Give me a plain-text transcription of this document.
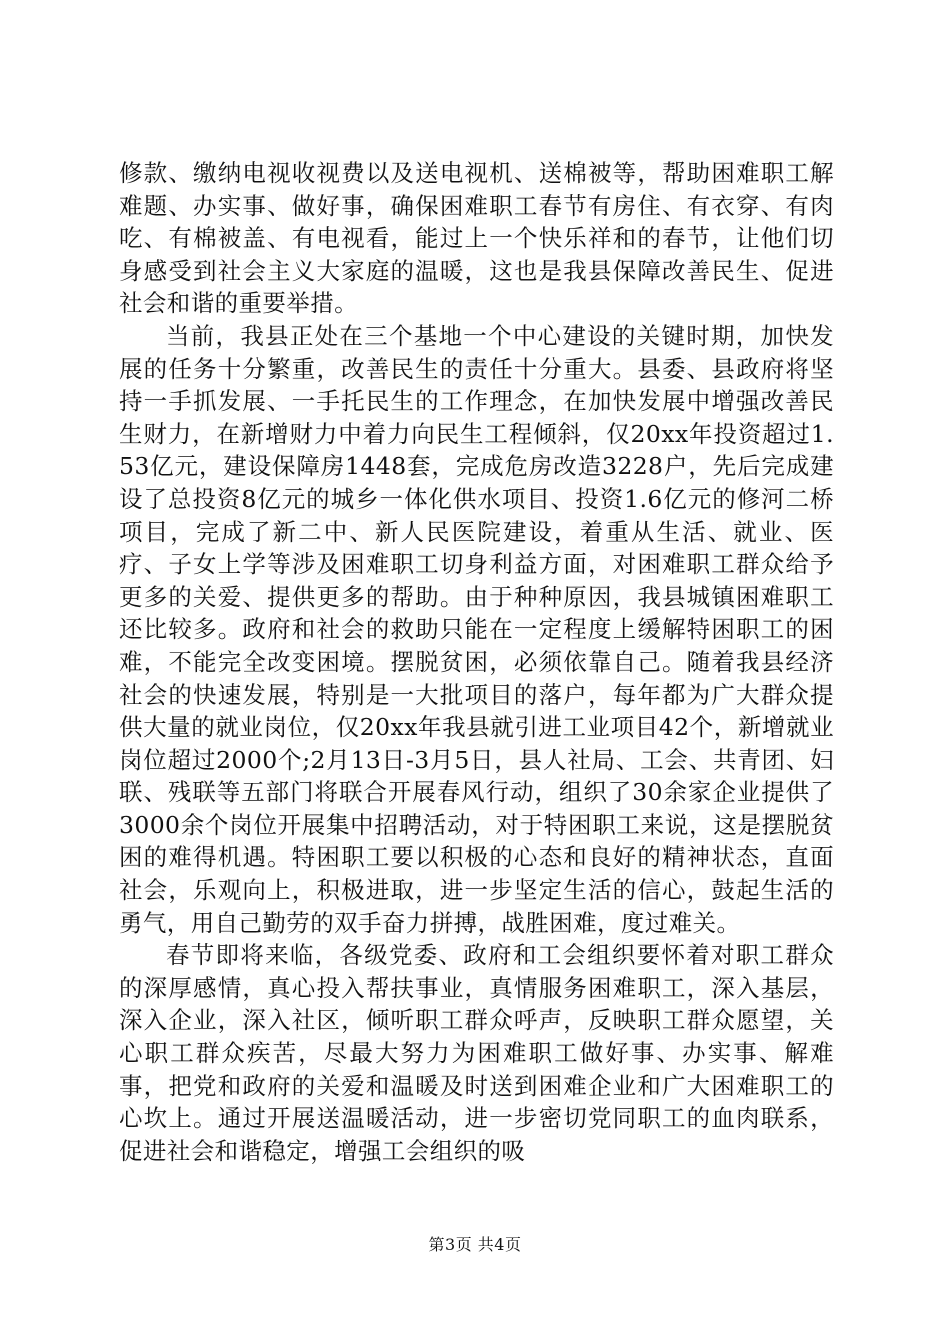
修款、缴纳电视收视费以及送电视机、送棉被等，帮助困难职工解难题、办实事、做好事，确保困难职工春节有房住、有衣穿、有肉吃、有棉被盖、有电视看，能过上一个快乐祥和的春节，让他们切身感受到社会主义大家庭的温暖，这也是我县保障改善民生、促进社会和谐的重要举措。

当前，我县正处在三个基地一个中心建设的关键时期，加快发展的任务十分繁重，改善民生的责任十分重大。县委、县政府将坚持一手抓发展、一手托民生的工作理念，在加快发展中增强改善民生财力，在新增财力中着力向民生工程倾斜，仅20xx年投资超过1.53亿元，建设保障房1448套，完成危房改造3228户，先后完成建设了总投资8亿元的城乡一体化供水项目、投资1.6亿元的修河二桥项目，完成了新二中、新人民医院建设，着重从生活、就业、医疗、子女上学等涉及困难职工切身利益方面，对困难职工群众给予更多的关爱、提供更多的帮助。由于种种原因，我县城镇困难职工还比较多。政府和社会的救助只能在一定程度上缓解特困职工的困难，不能完全改变困境。摆脱贫困，必须依靠自己。随着我县经济社会的快速发展，特别是一大批项目的落户，每年都为广大群众提供大量的就业岗位，仅20xx年我县就引进工业项目42个，新增就业岗位超过2000个;2月13日-3月5日，县人社局、工会、共青团、妇联、残联等五部门将联合开展春风行动，组织了30余家企业提供了3000余个岗位开展集中招聘活动，对于特困职工来说，这是摆脱贫困的难得机遇。特困职工要以积极的心态和良好的精神状态，直面社会，乐观向上，积极进取，进一步坚定生活的信心，鼓起生活的勇气，用自己勤劳的双手奋力拼搏，战胜困难，度过难关。

春节即将来临，各级党委、政府和工会组织要怀着对职工群众的深厚感情，真心投入帮扶事业，真情服务困难职工，深入基层，深入企业，深入社区，倾听职工群众呼声，反映职工群众愿望，关心职工群众疾苦，尽最大努力为困难职工做好事、办实事、解难事，把党和政府的关爱和温暖及时送到困难企业和广大困难职工的心坎上。通过开展送温暖活动，进一步密切党同职工的血肉联系，促进社会和谐稳定，增强工会组织的吸

第3页 共4页
